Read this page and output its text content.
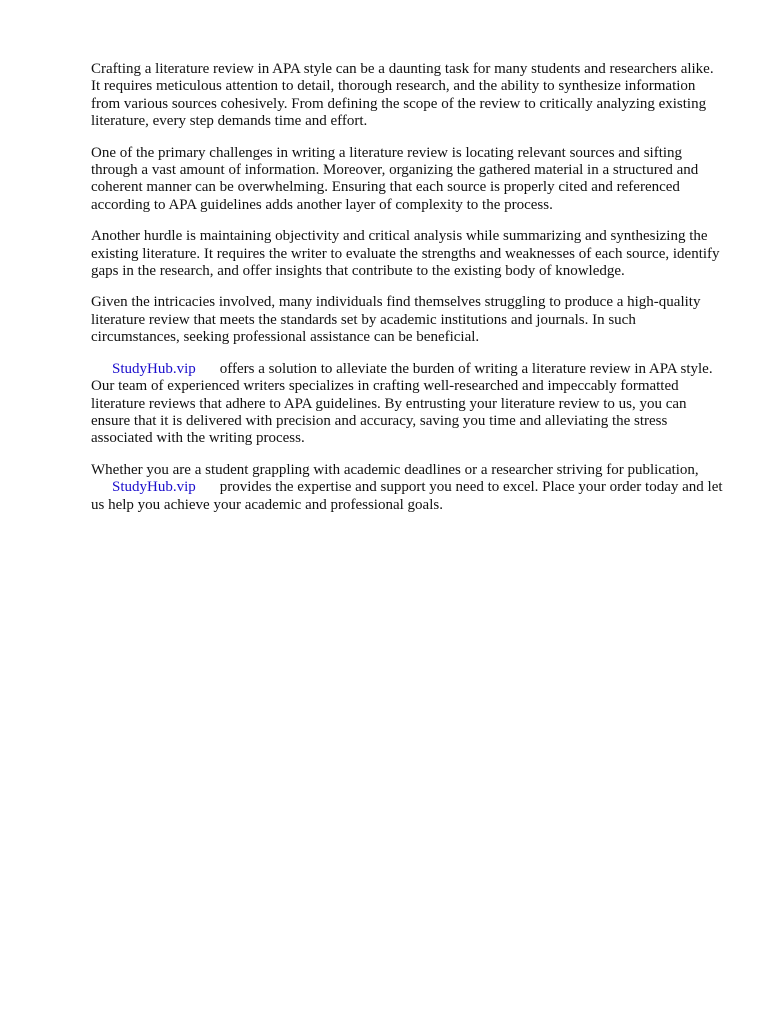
Crafting a literature review in APA style can be a daunting task for many students and researchers alike. It requires meticulous attention to detail, thorough research, and the ability to synthesize information from various sources cohesively. From defining the scope of the review to critically analyzing existing literature, every step demands time and effort.

One of the primary challenges in writing a literature review is locating relevant sources and sifting through a vast amount of information. Moreover, organizing the gathered material in a structured and coherent manner can be overwhelming. Ensuring that each source is properly cited and referenced according to APA guidelines adds another layer of complexity to the process.

Another hurdle is maintaining objectivity and critical analysis while summarizing and synthesizing the existing literature. It requires the writer to evaluate the strengths and weaknesses of each source, identify gaps in the research, and offer insights that contribute to the existing body of knowledge.

Given the intricacies involved, many individuals find themselves struggling to produce a high-quality literature review that meets the standards set by academic institutions and journals. In such circumstances, seeking professional assistance can be beneficial.

StudyHub.vip offers a solution to alleviate the burden of writing a literature review in APA style. Our team of experienced writers specializes in crafting well-researched and impeccably formatted literature reviews that adhere to APA guidelines. By entrusting your literature review to us, you can ensure that it is delivered with precision and accuracy, saving you time and alleviating the stress associated with the writing process.

Whether you are a student grappling with academic deadlines or a researcher striving for publication, StudyHub.vip provides the expertise and support you need to excel. Place your order today and let us help you achieve your academic and professional goals.
